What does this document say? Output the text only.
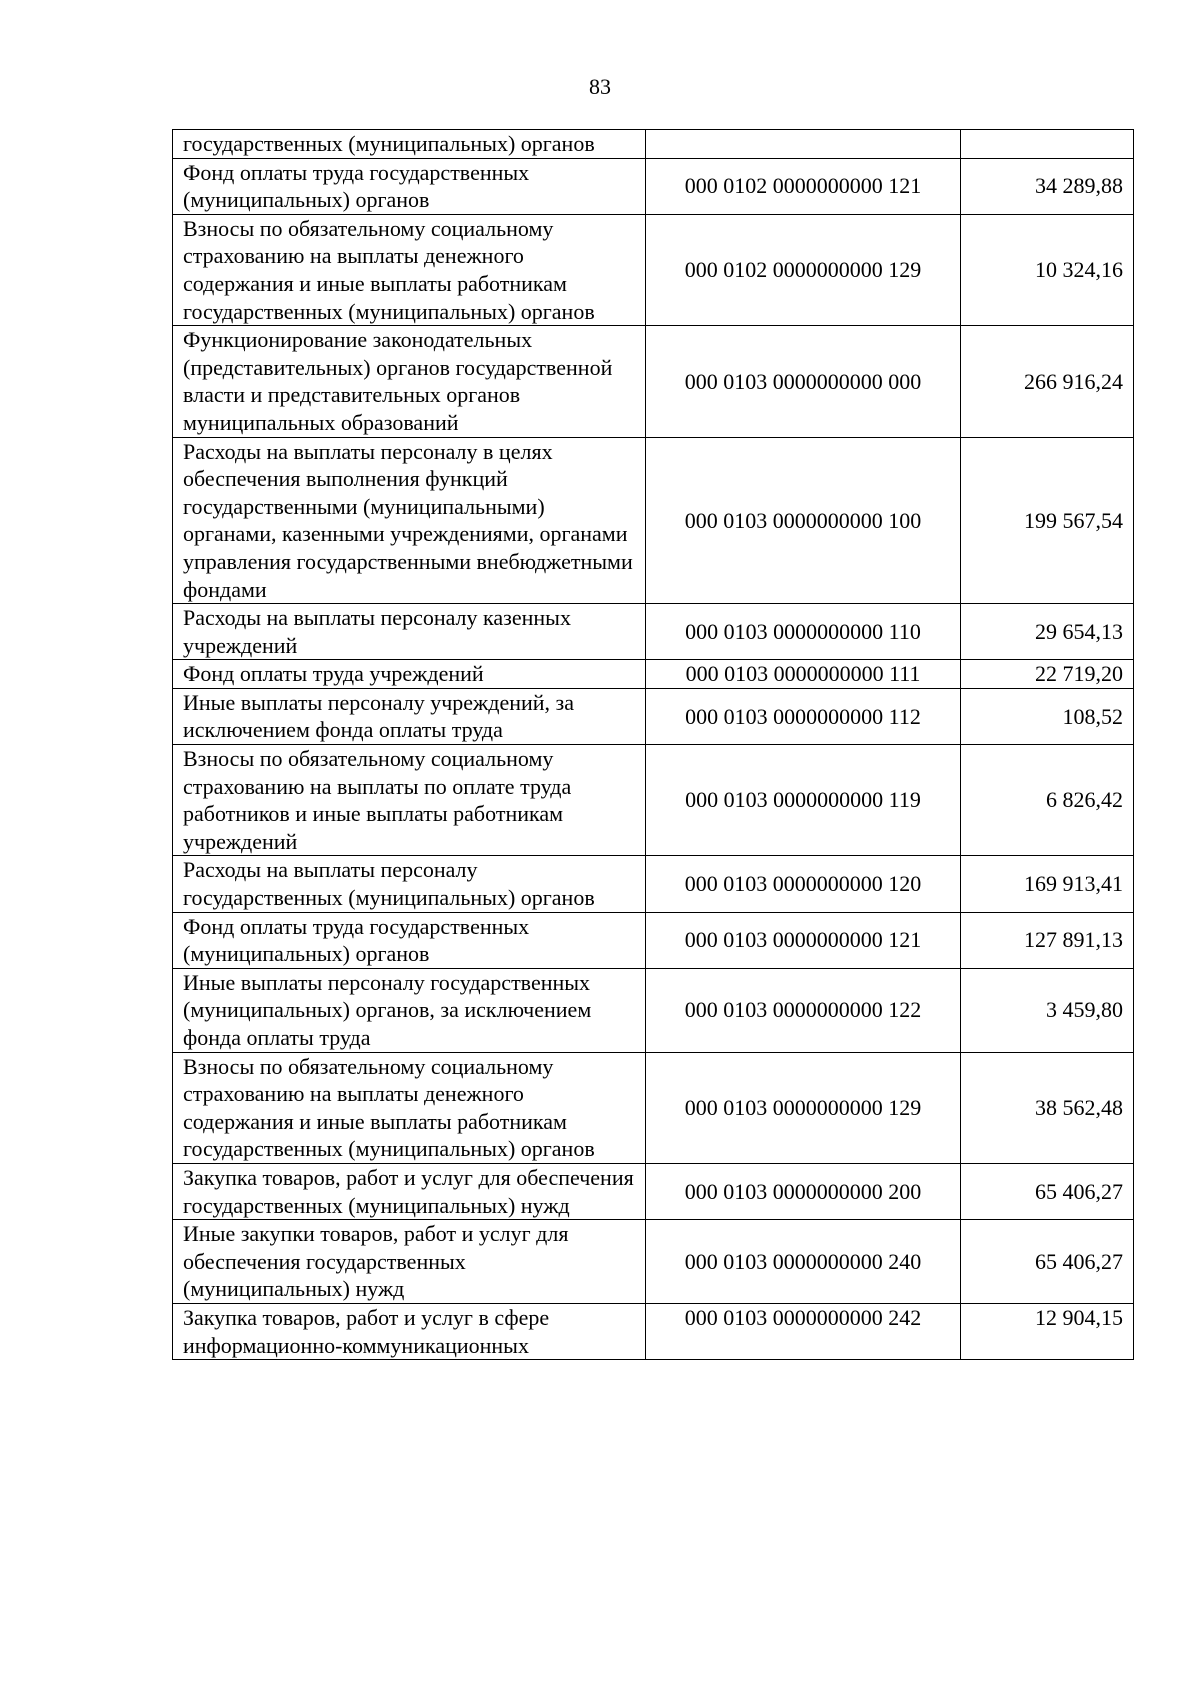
83
государственных (муниципальных) органов		
Фонд оплаты труда государственных (муниципальных) органов	000 0102 0000000000 121	34 289,88
Взносы по обязательному социальному страхованию на выплаты денежного содержания и иные выплаты работникам государственных (муниципальных) органов	000 0102 0000000000 129	10 324,16
Функционирование законодательных (представительных) органов государственной власти и представительных органов муниципальных образований	000 0103 0000000000 000	266 916,24
Расходы на выплаты персоналу в целях обеспечения выполнения функций государственными (муниципальными) органами, казенными учреждениями, органами управления государственными внебюджетными фондами	000 0103 0000000000 100	199 567,54
Расходы на выплаты персоналу казенных учреждений	000 0103 0000000000 110	29 654,13
Фонд оплаты труда учреждений	000 0103 0000000000 111	22 719,20
Иные выплаты персоналу учреждений, за исключением фонда оплаты труда	000 0103 0000000000 112	108,52
Взносы по обязательному социальному страхованию на выплаты по оплате труда работников и иные выплаты работникам учреждений	000 0103 0000000000 119	6 826,42
Расходы на выплаты персоналу государственных (муниципальных) органов	000 0103 0000000000 120	169 913,41
Фонд оплаты труда государственных (муниципальных) органов	000 0103 0000000000 121	127 891,13
Иные выплаты персоналу государственных (муниципальных) органов, за исключением фонда оплаты труда	000 0103 0000000000 122	3 459,80
Взносы по обязательному социальному страхованию на выплаты денежного содержания и иные выплаты работникам государственных (муниципальных) органов	000 0103 0000000000 129	38 562,48
Закупка товаров, работ и услуг для обеспечения государственных (муниципальных) нужд	000 0103 0000000000 200	65 406,27
Иные закупки товаров, работ и услуг для обеспечения государственных (муниципальных) нужд	000 0103 0000000000 240	65 406,27
Закупка товаров, работ и услуг в сфере информационно-коммуникационных	000 0103 0000000000 242	12 904,15
